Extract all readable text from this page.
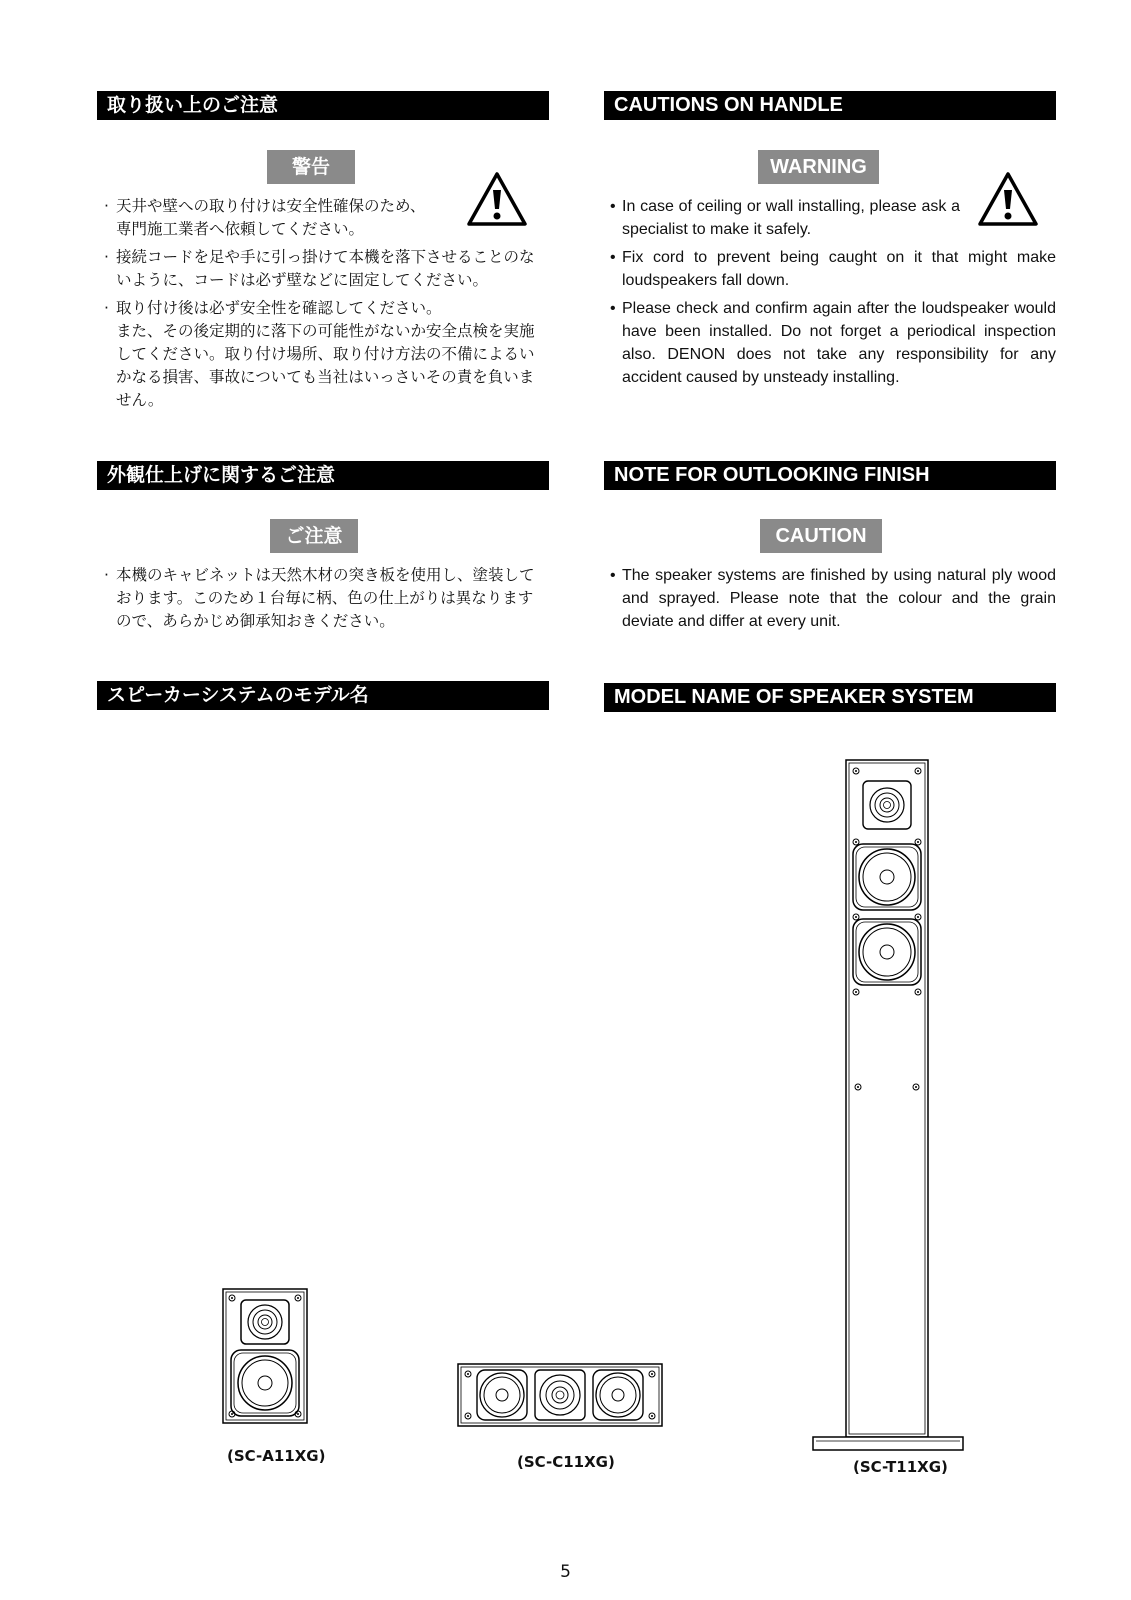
取り扱い上のご注意	CAUTIONS ON HANDLE
警告	WARNING
· 天井や壁への取り付けは安全性確保のため、専門施工業者へ依頼してください。
· 接続コードを足や手に引っ掛けて本機を落下させることのないように、コードは必ず壁などに固定してください。
· 取り付け後は必ず安全性を確認してください。
また、その後定期的に落下の可能性がないか安全点検を実施してください。取り付け場所、取り付け方法の不備によるいかなる損害、事故についても当社はいっさいその責を負いません。
• In case of ceiling or wall installing, please ask a specialist to make it safely.
• Fix cord to prevent being caught on it that might make loudspeakers fall down.
• Please check and confirm again after the loudspeaker would have been installed. Do not forget a periodical inspection also. DENON does not take any responsibility for any accident caused by unsteady installing.
外観仕上げに関するご注意	NOTE FOR OUTLOOKING FINISH
ご注意	CAUTION
· 本機のキャビネットは天然木材の突き板を使用し、塗装しております。このため１台毎に柄、色の仕上がりは異なりますので、あらかじめ御承知おきください。
• The speaker systems are finished by using natural ply wood and sprayed. Please note that the colour and the grain deviate and differ at every unit.
スピーカーシステムのモデル名	MODEL NAME OF SPEAKER SYSTEM
(SC-A11XG)	(SC-C11XG)	(SC-T11XG)
5
